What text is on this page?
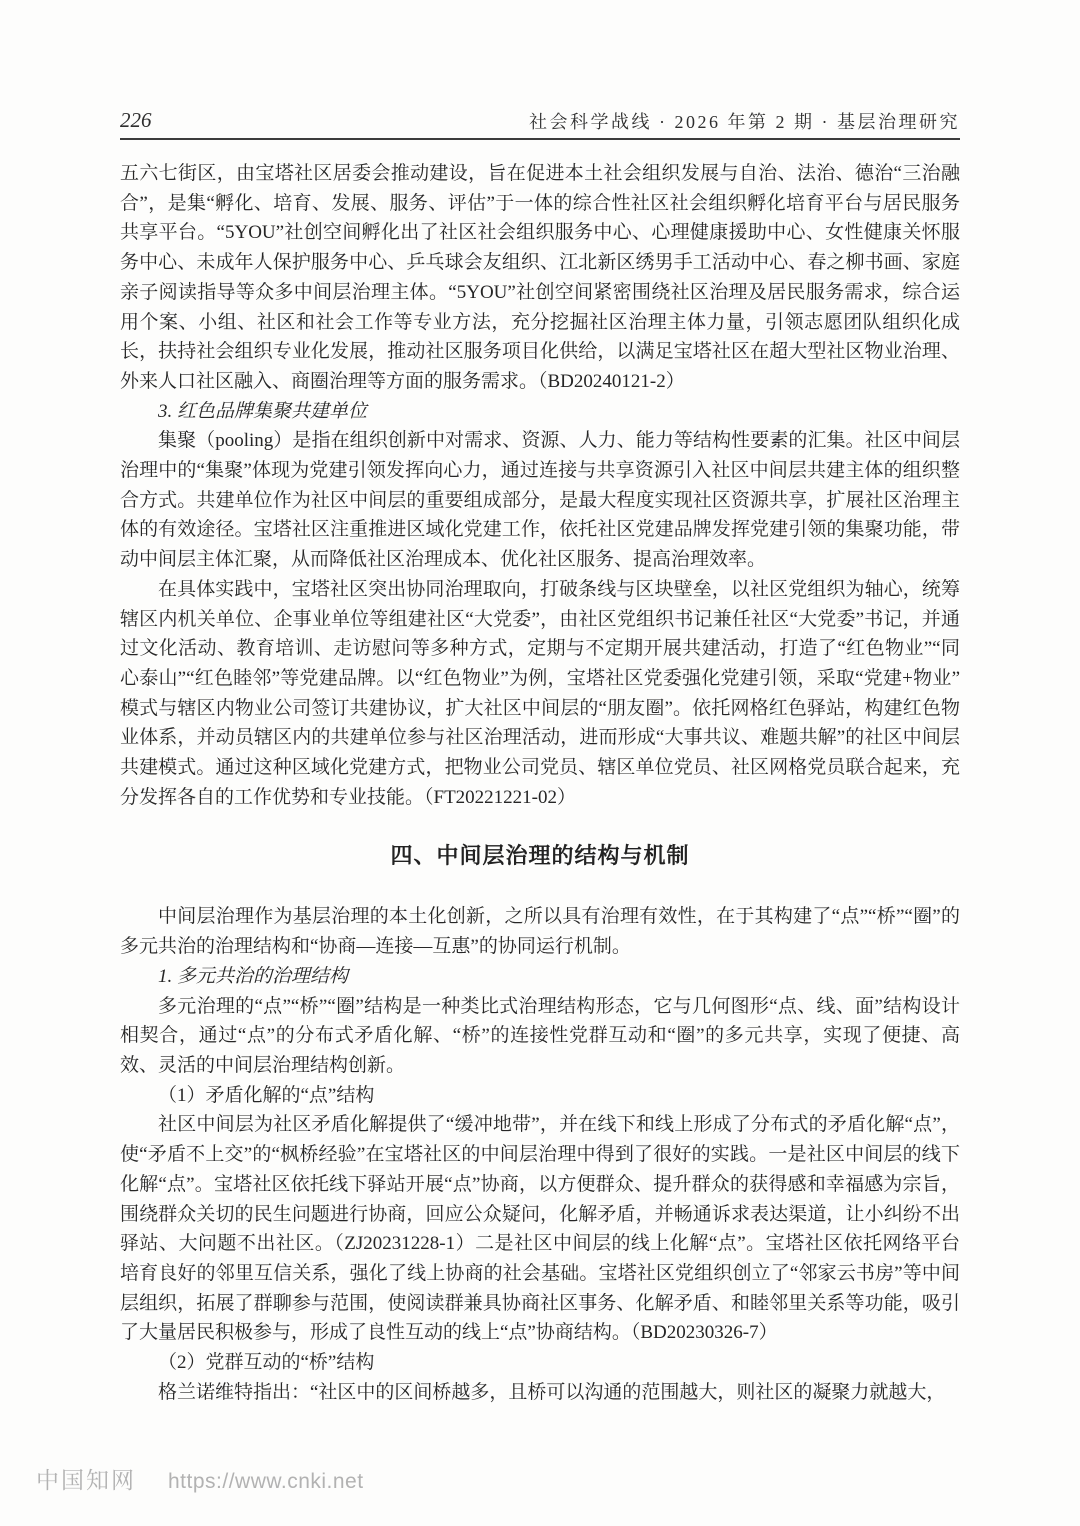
226	社会科学战线 · 2026 年第 2 期 · 基层治理研究

五六七街区，由宝塔社区居委会推动建设，旨在促进本土社会组织发展与自治、法治、德治“三治融合”，是集“孵化、培育、发展、服务、评估”于一体的综合性社区社会组织孵化培育平台与居民服务共享平台。“5YOU”社创空间孵化出了社区社会组织服务中心、心理健康援助中心、女性健康关怀服务中心、未成年人保护服务中心、乒乓球会友组织、江北新区绣男手工活动中心、春之柳书画、家庭亲子阅读指导等众多中间层治理主体。“5YOU”社创空间紧密围绕社区治理及居民服务需求，综合运用个案、小组、社区和社会工作等专业方法，充分挖掘社区治理主体力量，引领志愿团队组织化成长，扶持社会组织专业化发展，推动社区服务项目化供给，以满足宝塔社区在超大型社区物业治理、外来人口社区融入、商圈治理等方面的服务需求。（BD20240121-2）

3. 红色品牌集聚共建单位

集聚（pooling）是指在组织创新中对需求、资源、人力、能力等结构性要素的汇集。社区中间层治理中的“集聚”体现为党建引领发挥向心力，通过连接与共享资源引入社区中间层共建主体的组织整合方式。共建单位作为社区中间层的重要组成部分，是最大程度实现社区资源共享，扩展社区治理主体的有效途径。宝塔社区注重推进区域化党建工作，依托社区党建品牌发挥党建引领的集聚功能，带动中间层主体汇聚，从而降低社区治理成本、优化社区服务、提高治理效率。

在具体实践中，宝塔社区突出协同治理取向，打破条线与区块壁垒，以社区党组织为轴心，统筹辖区内机关单位、企事业单位等组建社区“大党委”，由社区党组织书记兼任社区“大党委”书记，并通过文化活动、教育培训、走访慰问等多种方式，定期与不定期开展共建活动，打造了“红色物业”“同心泰山”“红色睦邻”等党建品牌。以“红色物业”为例，宝塔社区党委强化党建引领，采取“党建+物业”模式与辖区内物业公司签订共建协议，扩大社区中间层的“朋友圈”。依托网格红色驿站，构建红色物业体系，并动员辖区内的共建单位参与社区治理活动，进而形成“大事共议、难题共解”的社区中间层共建模式。通过这种区域化党建方式，把物业公司党员、辖区单位党员、社区网格党员联合起来，充分发挥各自的工作优势和专业技能。（FT20221221-02）

四、中间层治理的结构与机制

中间层治理作为基层治理的本土化创新，之所以具有治理有效性，在于其构建了“点”“桥”“圈”的多元共治的治理结构和“协商—连接—互惠”的协同运行机制。

1. 多元共治的治理结构

多元治理的“点”“桥”“圈”结构是一种类比式治理结构形态，它与几何图形“点、线、面”结构设计相契合，通过“点”的分布式矛盾化解、“桥”的连接性党群互动和“圈”的多元共享，实现了便捷、高效、灵活的中间层治理结构创新。

（1）矛盾化解的“点”结构

社区中间层为社区矛盾化解提供了“缓冲地带”，并在线下和线上形成了分布式的矛盾化解“点”，使“矛盾不上交”的“枫桥经验”在宝塔社区的中间层治理中得到了很好的实践。一是社区中间层的线下化解“点”。宝塔社区依托线下驿站开展“点”协商，以方便群众、提升群众的获得感和幸福感为宗旨，围绕群众关切的民生问题进行协商，回应公众疑问，化解矛盾，并畅通诉求表达渠道，让小纠纷不出驿站、大问题不出社区。（ZJ20231228-1）二是社区中间层的线上化解“点”。宝塔社区依托网络平台培育良好的邻里互信关系，强化了线上协商的社会基础。宝塔社区党组织创立了“邻家云书房”等中间层组织，拓展了群聊参与范围，使阅读群兼具协商社区事务、化解矛盾、和睦邻里关系等功能，吸引了大量居民积极参与，形成了良性互动的线上“点”协商结构。（BD20230326-7）

（2）党群互动的“桥”结构

格兰诺维特指出：“社区中的区间桥越多，且桥可以沟通的范围越大，则社区的凝聚力就越大，

中国知网 https://www.cnki.net
